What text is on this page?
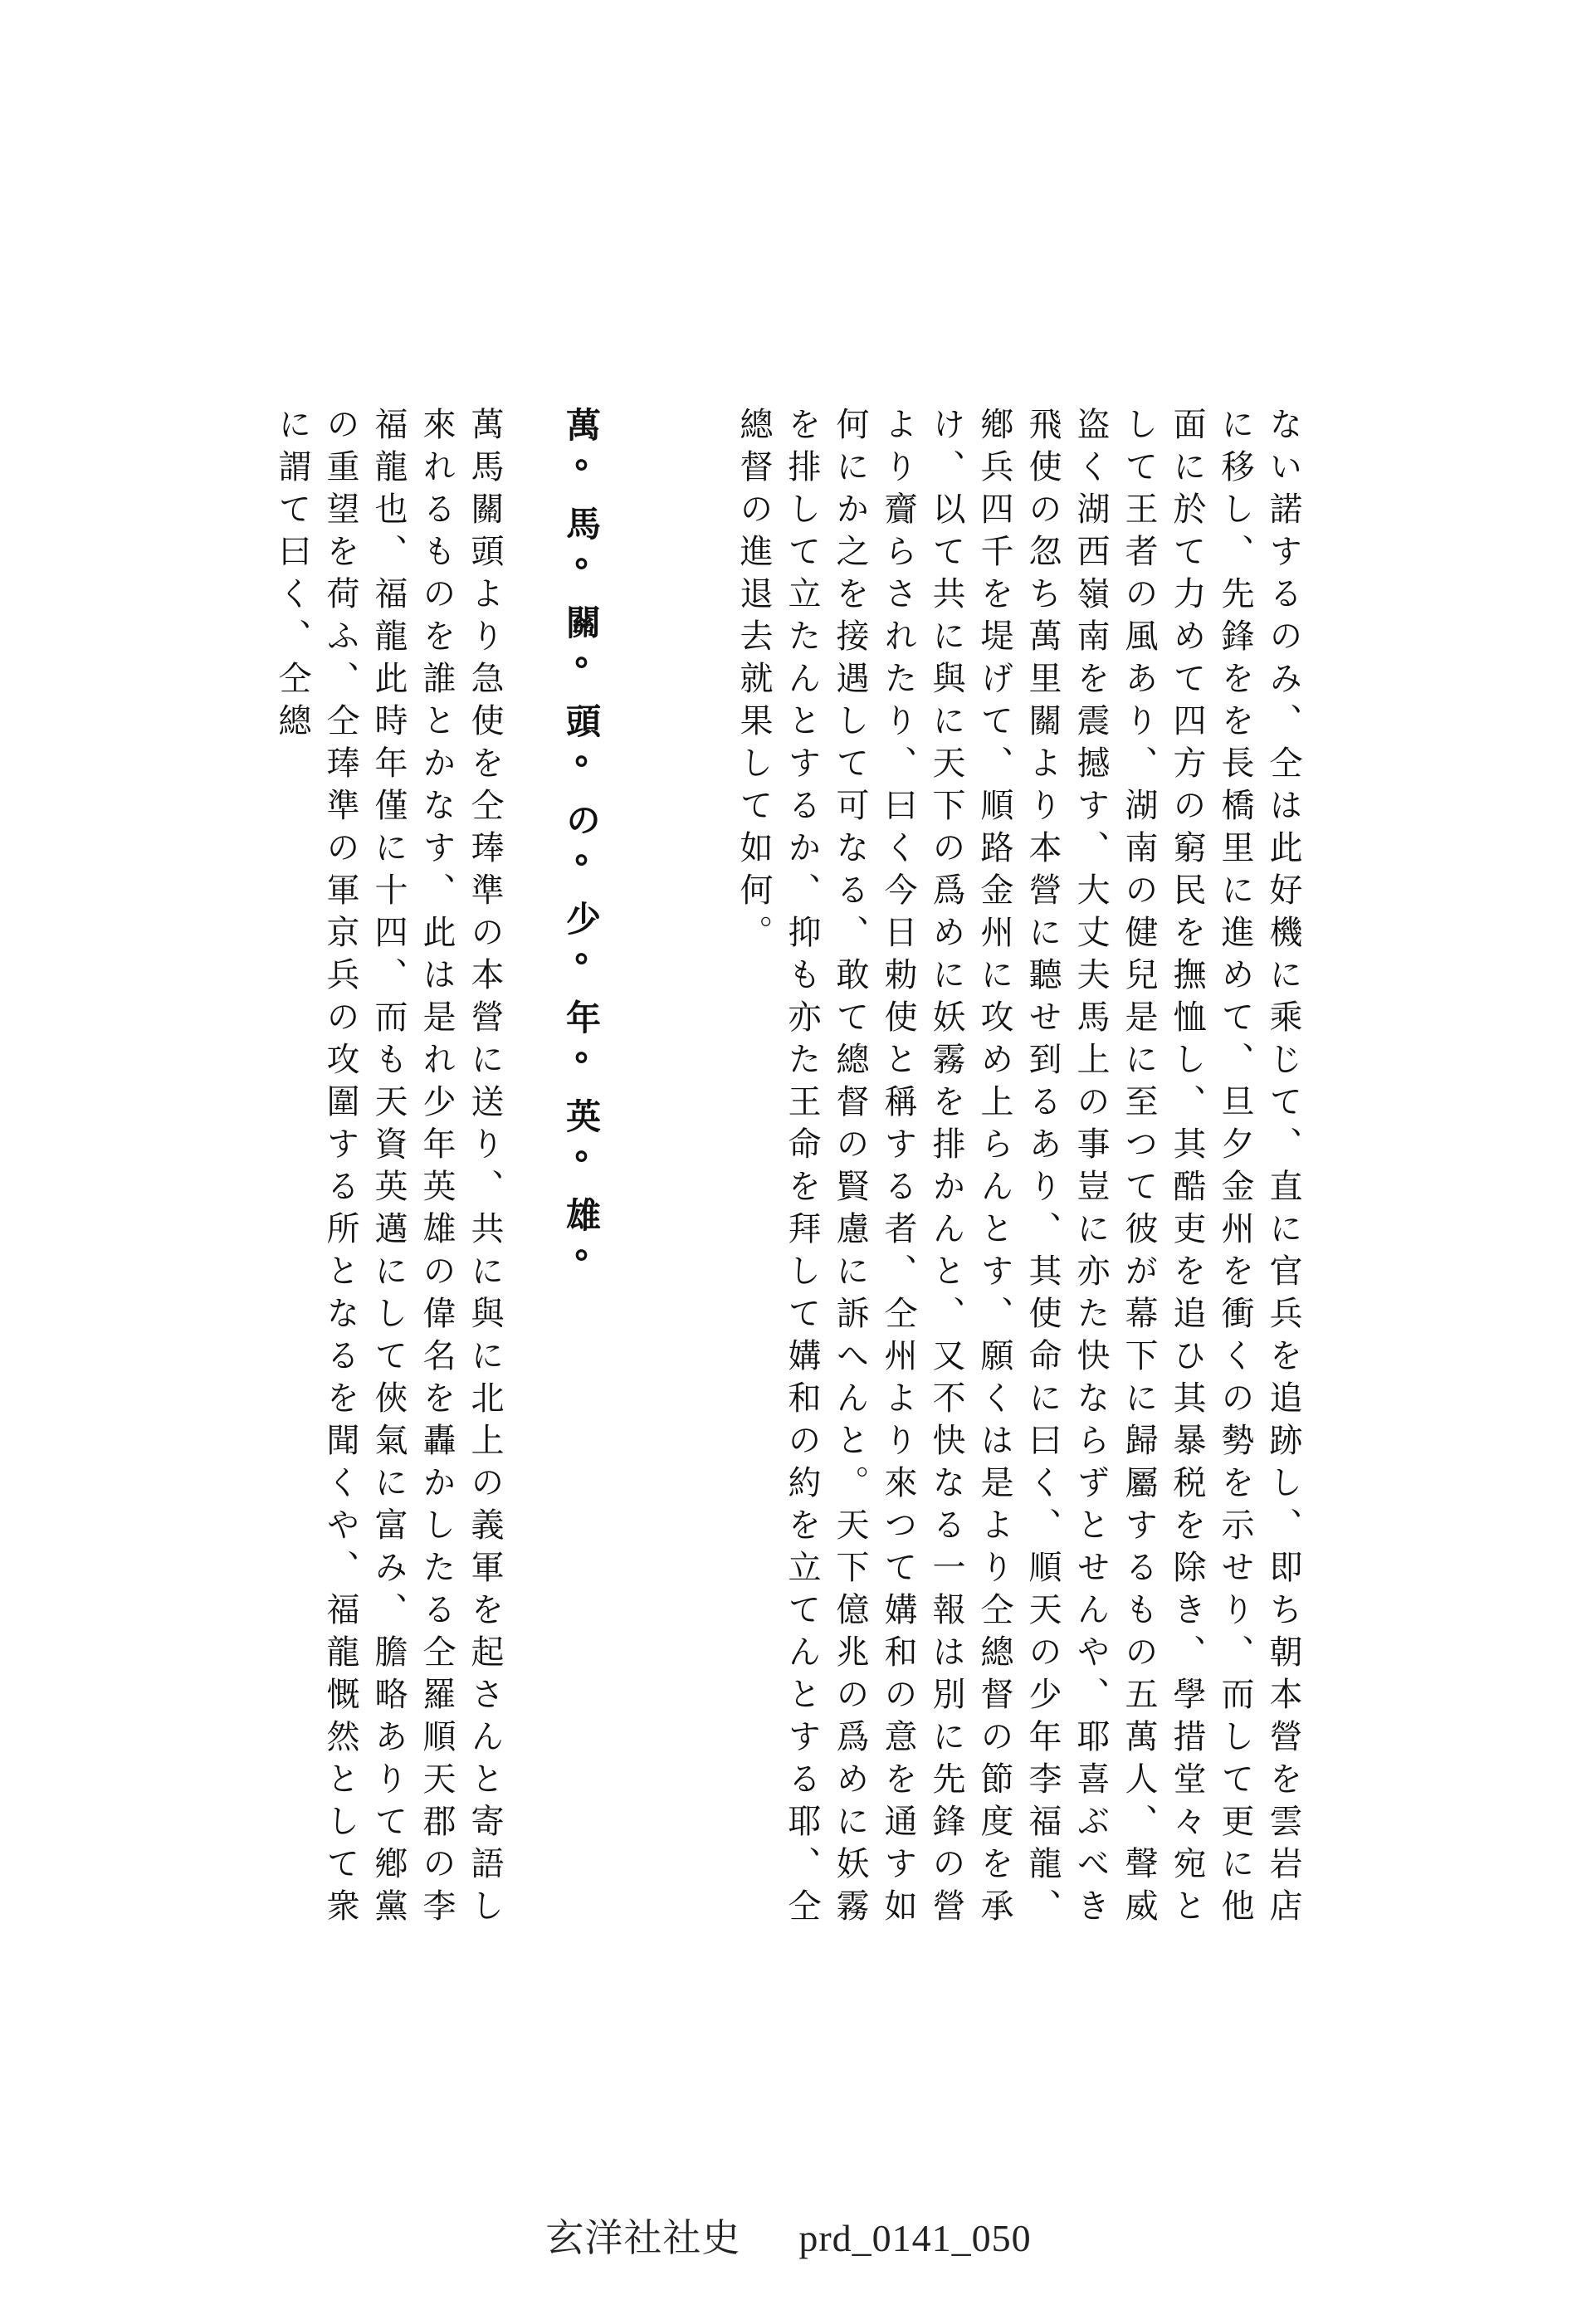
ない諾するのみ、仝は此好機に乘じて、直に官兵を追跡し、即ち朝本營を雲岩店に移し、先鋒をを長橋里に進めて、旦夕金州を衝くの勢を示せり、而して更に他面に於て力めて四方の窮民を撫恤し、其酷吏を追ひ其暴税を除き、學措堂々宛として王者の風あり、湖南の健兒是に至つて彼が幕下に歸屬するもの五萬人、聲威盗く湖西嶺南を震撼す、大丈夫馬上の事豈に亦た快ならずとせんや、耶喜ぶべき飛使の忽ち萬里關より本營に聽せ到るあり、其使命に曰く、順天の少年李福龍、鄕兵四千を堤げて、順路金州に攻め上らんとす、願くは是より仝總督の節度を承け、以て共に與に天下の爲めに妖霧を排かんと、又不快なる一報は別に先鋒の營より齎らされたり、曰く今日勅使と稱する者、仝州より來つて媾和の意を通す如何にか之を接遇して可なる、敢て總督の賢慮に訴へんと。天下億兆の爲めに妖霧を排して立たんとするか、抑も亦た王命を拜して媾和の約を立てんとする耶、仝總督の進退去就果して如何。

萬°馬°關°頭°の°少°年°英°雄°

萬馬關頭より急使を仝琫準の本營に送り、共に與に北上の義軍を起さんと寄語し來れるものを誰とかなす、此は是れ少年英雄の偉名を轟かしたる仝羅順天郡の李福龍也、福龍此時年僅に十四、而も天資英邁にして俠氣に富み、膽略ありて鄕黨の重望を荷ふ、仝琫準の軍京兵の攻圍する所となるを聞くや、福龍慨然として衆に謂て曰く、仝總

玄洋社社史 prd_0141_050
